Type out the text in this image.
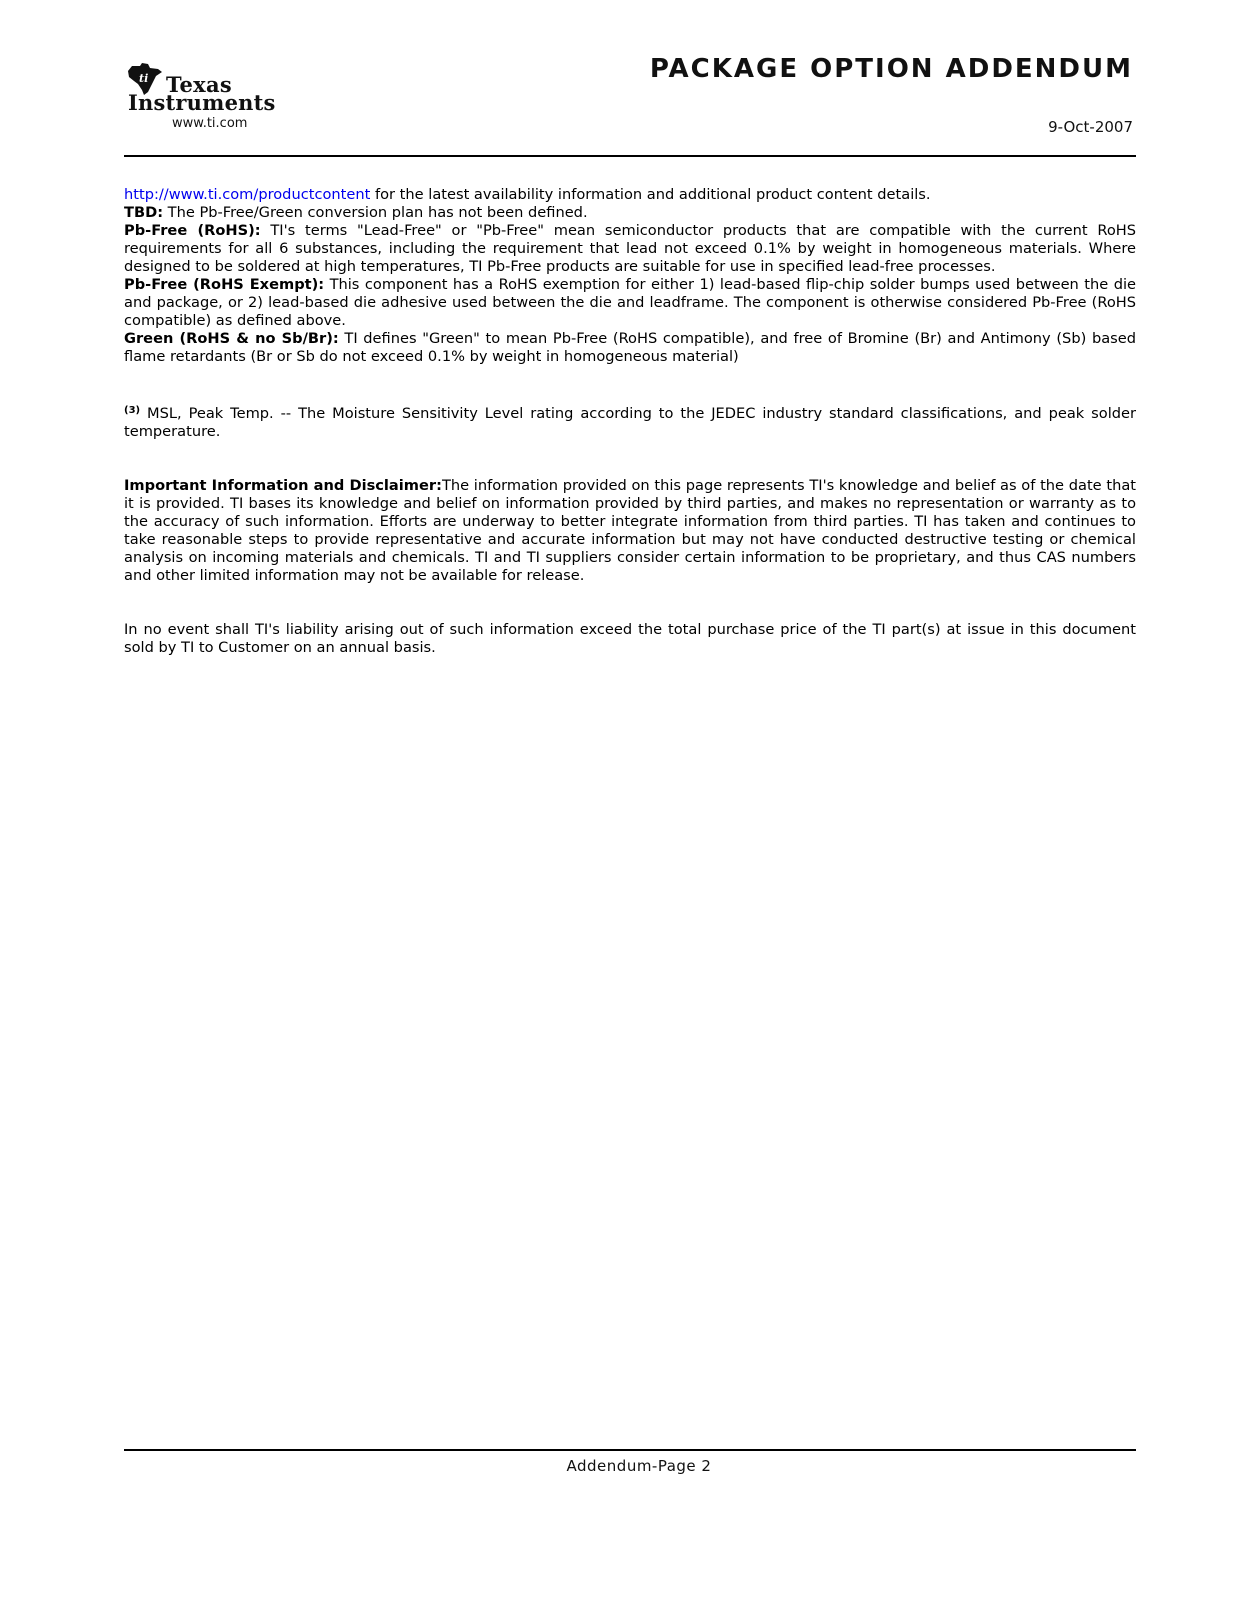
ti Texas
Instruments
www.ti.com
PACKAGE OPTION ADDENDUM
9-Oct-2007

http://www.ti.com/productcontent for the latest availability information and additional product content details.

TBD: The Pb-Free/Green conversion plan has not been defined.

Pb-Free (RoHS): TI's terms "Lead-Free" or "Pb-Free" mean semiconductor products that are compatible with the current RoHS requirements for all 6 substances, including the requirement that lead not exceed 0.1% by weight in homogeneous materials. Where designed to be soldered at high temperatures, TI Pb-Free products are suitable for use in specified lead-free processes.

Pb-Free (RoHS Exempt): This component has a RoHS exemption for either 1) lead-based flip-chip solder bumps used between the die and package, or 2) lead-based die adhesive used between the die and leadframe. The component is otherwise considered Pb-Free (RoHS compatible) as defined above.

Green (RoHS & no Sb/Br): TI defines "Green" to mean Pb-Free (RoHS compatible), and free of Bromine (Br) and Antimony (Sb) based flame retardants (Br or Sb do not exceed 0.1% by weight in homogeneous material)

$^{(3)}$ MSL, Peak Temp. -- The Moisture Sensitivity Level rating according to the JEDEC industry standard classifications, and peak solder temperature.

Important Information and Disclaimer:The information provided on this page represents TI's knowledge and belief as of the date that it is provided. TI bases its knowledge and belief on information provided by third parties, and makes no representation or warranty as to the accuracy of such information. Efforts are underway to better integrate information from third parties. TI has taken and continues to take reasonable steps to provide representative and accurate information but may not have conducted destructive testing or chemical analysis on incoming materials and chemicals. TI and TI suppliers consider certain information to be proprietary, and thus CAS numbers and other limited information may not be available for release.

In no event shall TI's liability arising out of such information exceed the total purchase price of the TI part(s) at issue in this document sold by TI to Customer on an annual basis.

Addendum-Page 2
